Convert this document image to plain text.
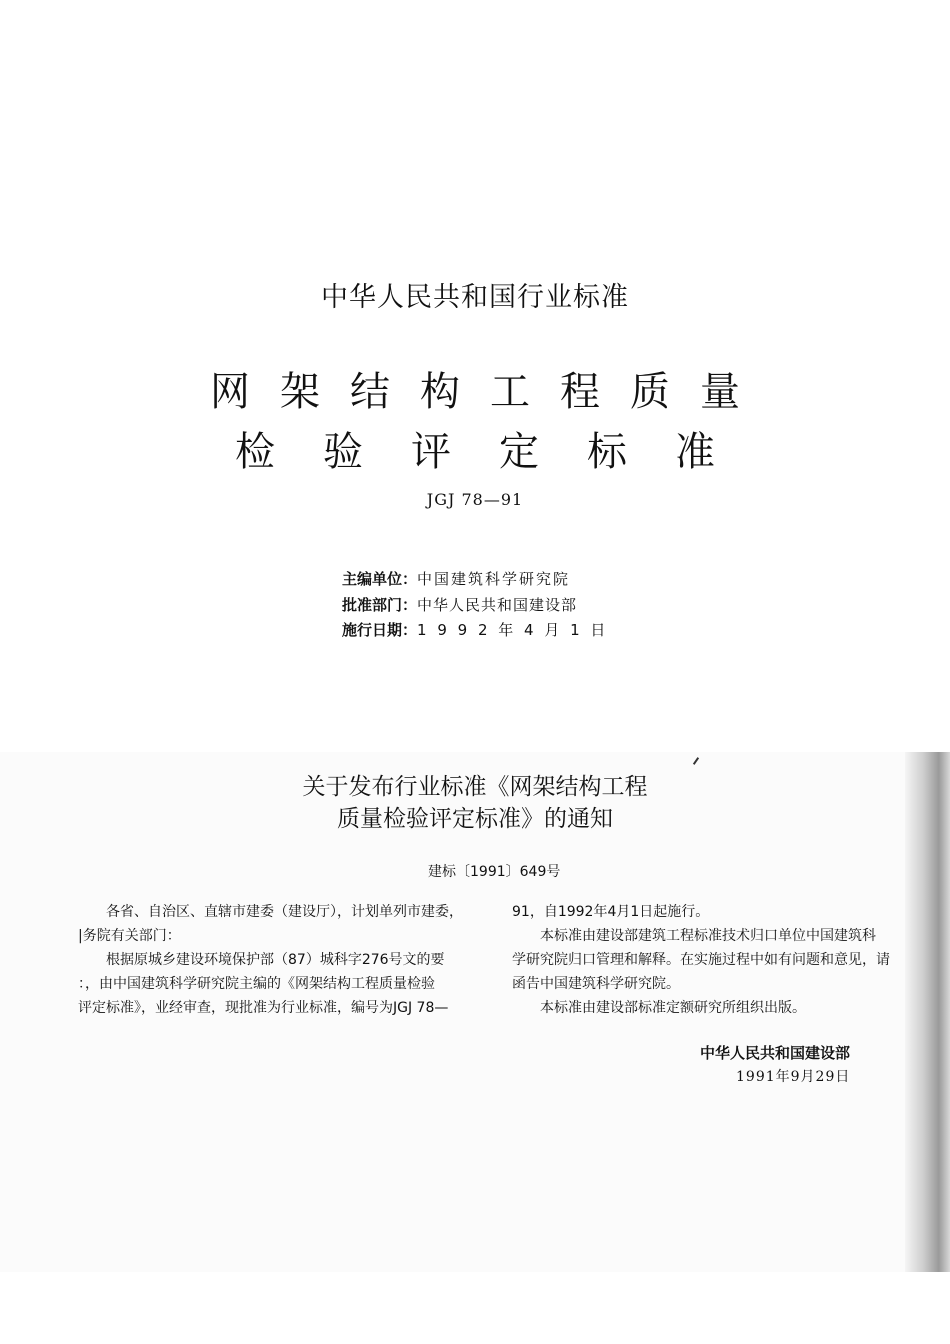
中华人民共和国行业标准
网 架 结 构 工 程 质 量
检 验 评 定 标 准
JGJ 78—91
主编单位：中国建筑科学研究院
批准部门：中华人民共和国建设部
施行日期：1 9 9 2 年 4 月 1 日
关于发布行业标准《网架结构工程
质量检验评定标准》的通知
建标〔1991〕649号

各省、自治区、直辖市建委（建设厅），计划单列市建委，

|务院有关部门：

根据原城乡建设环境保护部（87）城科字276号文的要

：，由中国建筑科学研究院主编的《网架结构工程质量检验

评定标准》，业经审查，现批准为行业标准，编号为JGJ 78—

91，自1992年4月1日起施行。

本标准由建设部建筑工程标准技术归口单位中国建筑科

学研究院归口管理和解释。在实施过程中如有问题和意见，请

函告中国建筑科学研究院。

本标准由建设部标准定额研究所组织出版。

中华人民共和国建设部
1991年9月29日
